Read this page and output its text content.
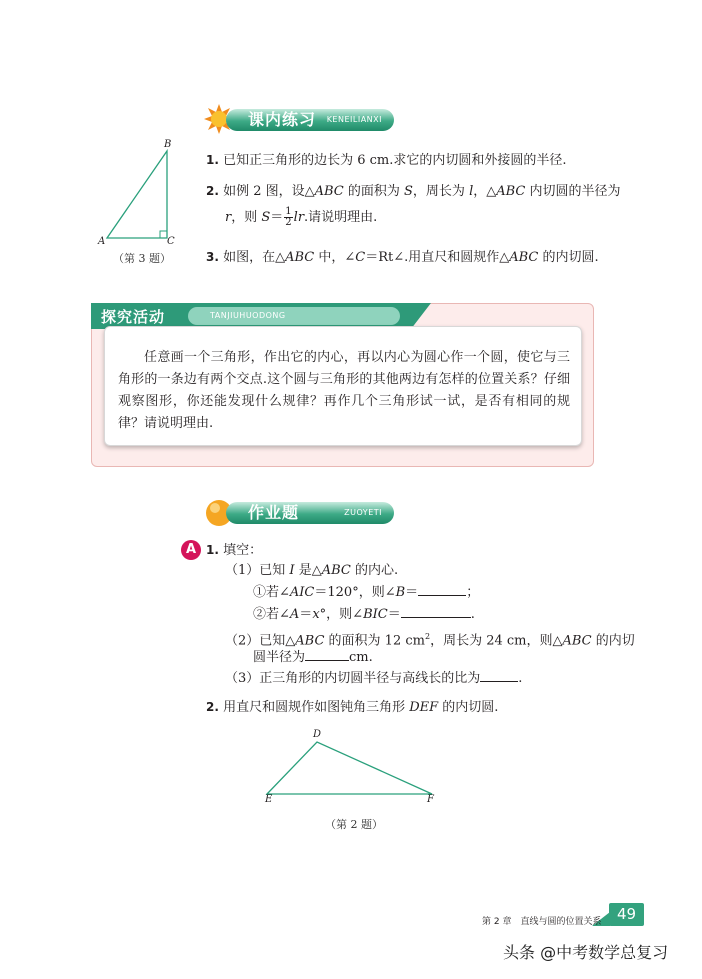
课内练习 KENEILIANXI
B
A	C
（第 3 题）
1. 已知正三角形的边长为 6 cm.求它的内切圆和外接圆的半径.
2. 如例 2 图，设△ABC 的面积为 S，周长为 l，△ABC 内切圆的半径为
r，则 $S= \frac{1}{2}$ lr.请说明理由.
3. 如图，在△ABC 中，∠C＝Rt∠.用直尺和圆规作△ABC 的内切圆.
探究活动	TANJIUHUODONG
任意画一个三角形，作出它的内心，再以内心为圆心作一个圆，使它与三角形的一条边有两个交点.这个圆与三角形的其他两边有怎样的位置关系？仔细观察图形，你还能发现什么规律？再作几个三角形试一试，是否有相同的规律？请说明理由.
作业题	ZUOYETI
A 1. 填空：
（1）已知 I 是△ABC 的内心.
①若∠AIC＝120°，则∠B＝	；
②若∠A＝x°，则∠BIC＝	.
（2）已知△ABC 的面积为 12 $cm^2$，周长为 24 cm，则△ABC 的内切
圆半径为	cm.
（3）正三角形的内切圆半径与高线长的比为	.
2. 用直尺和圆规作如图钝角三角形 DEF 的内切圆.
D
E	F
（第 2 题）
第 2 章　直线与圆的位置关系	49
头条 @中考数学总复习
